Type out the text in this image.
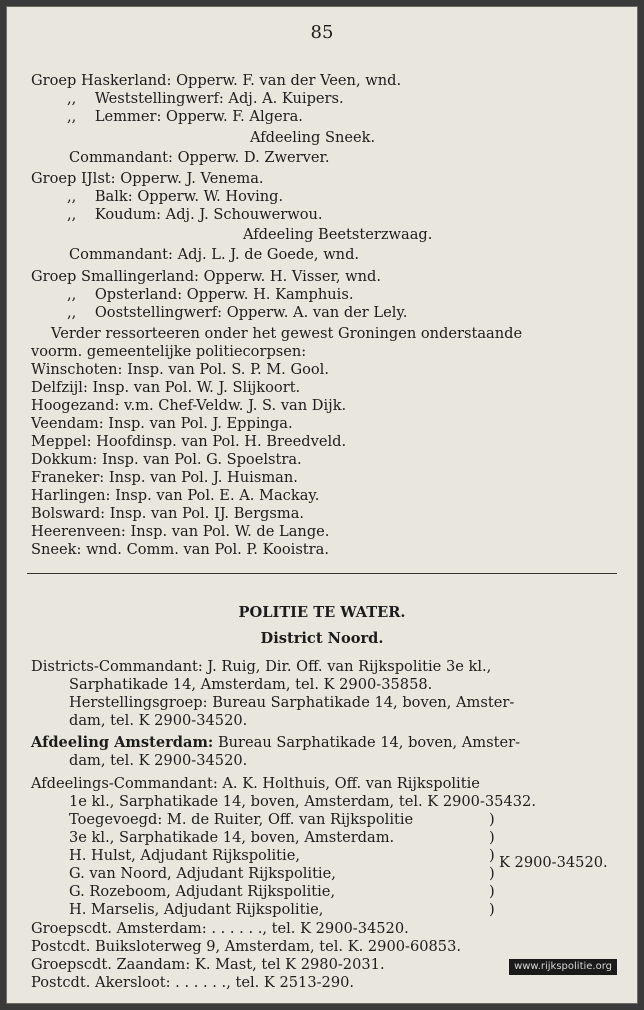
85
Groep Haskerland: Opperw. F. van der Veen, wnd.
,,    Weststellingwerf: Adj. A. Kuipers.
,,    Lemmer: Opperw. F. Algera.
Afdeeling Sneek.
Commandant: Opperw. D. Zwerver.
Groep IJlst: Opperw. J. Venema.
,,    Balk: Opperw. W. Hoving.
,,    Koudum: Adj. J. Schouwerwou.
Afdeeling Beetsterzwaag.
Commandant: Adj. L. J. de Goede, wnd.
Groep Smallingerland: Opperw. H. Visser, wnd.
,,    Opsterland: Opperw. H. Kamphuis.
,,    Ooststellingwerf: Opperw. A. van der Lely.
Verder ressorteeren onder het gewest Groningen onderstaande
voorm. gemeentelijke politiecorpsen:
Winschoten: Insp. van Pol. S. P. M. Gool.
Delfzijl: Insp. van Pol. W. J. Slijkoort.
Hoogezand: v.m. Chef-Veldw. J. S. van Dijk.
Veendam: Insp. van Pol. J. Eppinga.
Meppel: Hoofdinsp. van Pol. H. Breedveld.
Dokkum: Insp. van Pol. G. Spoelstra.
Franeker: Insp. van Pol. J. Huisman.
Harlingen: Insp. van Pol. E. A. Mackay.
Bolsward: Insp. van Pol. IJ. Bergsma.
Heerenveen: Insp. van Pol. W. de Lange.
Sneek: wnd. Comm. van Pol. P. Kooistra.
POLITIE TE WATER.
District Noord.
Districts-Commandant: J. Ruig, Dir. Off. van Rijkspolitie 3e kl.,
Sarphatikade 14, Amsterdam, tel. K 2900-35858.
Herstellingsgroep: Bureau Sarphatikade 14, boven, Amster-
dam, tel. K 2900-34520.
Afdeeling Amsterdam: Bureau Sarphatikade 14, boven, Amster-
dam, tel. K 2900-34520.
Afdeelings-Commandant: A. K. Holthuis, Off. van Rijkspolitie
1e kl., Sarphatikade 14, boven, Amsterdam, tel. K 2900-35432.
Toegevoegd: M. de Ruiter, Off. van Rijkspolitie
3e kl., Sarphatikade 14, boven, Amsterdam.
H. Hulst, Adjudant Rijkspolitie,
G. van Noord, Adjudant Rijkspolitie,
G. Rozeboom, Adjudant Rijkspolitie,
H. Marselis, Adjudant Rijkspolitie,
)
)
)
)
)
)
K 2900-34520.
Groepscdt. Amsterdam: . . . . . ., tel. K 2900-34520.
Postcdt. Buiksloterweg 9, Amsterdam, tel. K. 2900-60853.
Groepscdt. Zaandam: K. Mast, tel K 2980-2031.
Postcdt. Akersloot: . . . . . ., tel. K 2513-290.
www.rijkspolitie.org
